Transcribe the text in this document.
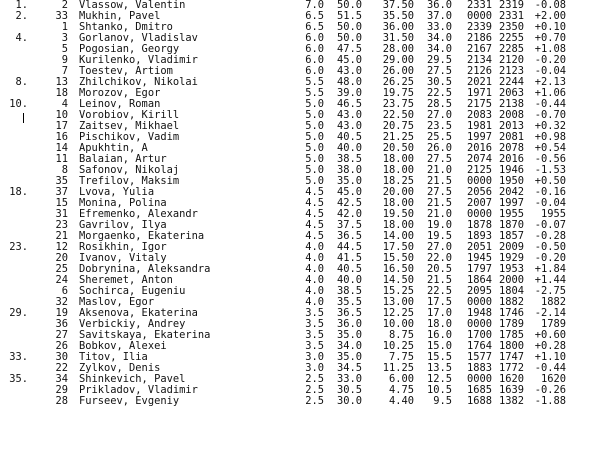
1.	2 Vlassow, Valentin	7.0	50.0	37.50	36.0	2331 2319	-0.08
2.	33 Mukhin, Pavel	6.5	51.5	35.50	37.0	0000 2331	+2.00
1 Shtanko, Dmitro	6.5	50.0	36.00	33.0	2339 2350	+0.10
4.	3 Gorlanov, Vladislav	6.0	50.0	31.50	34.0	2186 2255	+0.70
5 Pogosian, Georgy	6.0	47.5	28.00	34.0	2167 2285	+1.08
9 Kurilenko, Vladimir	6.0	45.0	29.00	29.5	2134 2120	-0.20
7 Toestev, Artiom	6.0	43.0	26.00	27.5	2126 2123	-0.04
8.	13 Zhilchikov, Nikolai	5.5	48.0	26.25	30.5	2021 2244	+2.13
18 Morozov, Egor	5.5	39.0	19.75	22.5	1971 2063	+1.06
10.	4 Leinov, Roman	5.0	46.5	23.75	28.5	2175 2138	-0.44
10 Vorobiov, Kirill	5.0	43.0	22.50	27.0	2083 2008	-0.70
17 Zaitsev, Mikhael	5.0	43.0	20.75	23.5	1981 2013	+0.32
16 Pischikov, Vadim	5.0	40.5	21.25	25.5	1997 2081	+0.98
14 Apukhtin, A	5.0	40.0	20.50	26.0	2016 2078	+0.54
11 Balaian, Artur	5.0	38.5	18.00	27.5	2074 2016	-0.56
8 Safonov, Nikolaj	5.0	38.0	18.00	21.0	2125 1946	-1.53
35 Trefilov, Maksim	5.0	35.0	18.25	21.5	0000 1950	+0.50
18.	37 Lvova, Yulia	4.5	45.0	20.00	27.5	2056 2042	-0.16
15 Monina, Polina	4.5	42.5	18.00	21.5	2007 1997	-0.04
31 Efremenko, Alexandr	4.5	42.0	19.50	21.0	0000 1955	1955
23 Gavrilov, Ilya	4.5	37.5	18.00	19.0	1878 1870	-0.07
21 Morgaenko, Ekaterina	4.5	36.5	14.00	19.5	1893 1857	-0.28
23.	12 Rosikhin, Igor	4.0	44.5	17.50	27.0	2051 2009	-0.50
20 Ivanov, Vitaly	4.0	41.5	15.50	22.0	1945 1929	-0.20
25 Dobrynina, Aleksandra	4.0	40.5	16.50	20.5	1797 1953	+1.84
24 Sheremet, Anton	4.0	40.0	14.50	21.5	1864 2000	+1.44
6 Sochirca, Eugeniu	4.0	38.5	15.25	22.5	2095 1804	-2.75
32 Maslov, Egor	4.0	35.5	13.00	17.5	0000 1882	1882
29.	19 Aksenova, Ekaterina	3.5	36.5	12.25	17.0	1948 1746	-2.14
36 Verbickiy, Andrey	3.5	36.0	10.00	18.0	0000 1789	1789
27 Savitskaya, Ekaterina	3.5	35.0	8.75	16.0	1700 1785	+0.60
26 Bobkov, Alexei	3.5	34.0	10.25	15.0	1764 1800	+0.28
33.	30 Titov, Ilia	3.0	35.0	7.75	15.5	1577 1747	+1.10
22 Zylkov, Denis	3.0	34.5	11.25	13.5	1883 1772	-0.44
35.	34 Shinkevich, Pavel	2.5	33.0	6.00	12.5	0000 1620	1620
29 Prikladov, Vladimir	2.5	30.5	4.75	10.5	1685 1639	-0.26
28 Furseev, Evgeniy	2.5	30.0	4.40	9.5	1688 1382	-1.88
